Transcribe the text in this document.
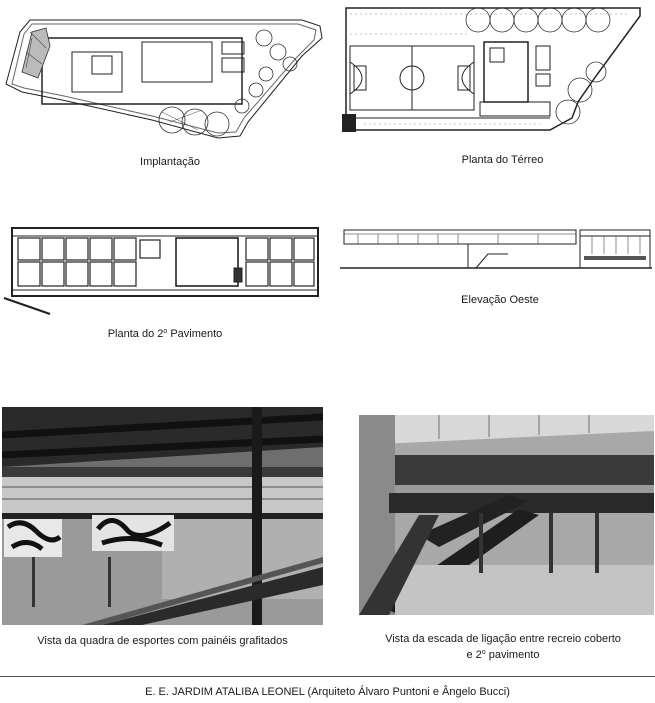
Implantação	Planta do Térreo
Planta do 2$^o$ Pavimento
Elevação Oeste
Vista da quadra de esportes com painéis grafitados	Vista da escada de ligação entre recreio coberto
e 2$^o$ pavimento
E. E. JARDIM ATALIBA LEONEL (Arquiteto Álvaro Puntoni e Ângelo Bucci)
